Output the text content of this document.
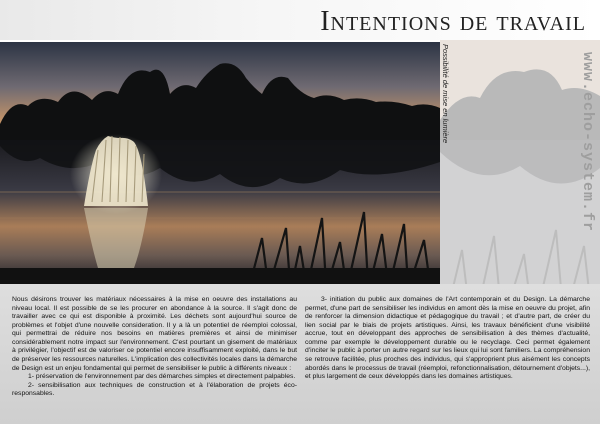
Intentions de travail
Possibilité de mise en lumière	www.echo-system.fr

Nous désirons trouver les matériaux nécessaires à la mise en oeuvre des installations au niveau local. Il est possible de se les procurer en abondance à la source. Il s'agit donc de travailler avec ce qui est disponible à proximité. Les déchets sont aujourd'hui source de problèmes et l'objet d'une nouvelle consideration. Il y a là un potentiel de réemploi colossal, qui permettrai de réduire nos besoins en matières premières et ainsi de minimiser considérablement notre impact sur l'environnement. C'est pourtant un gisement de matériaux à privilégier, l'objectif est de valoriser ce potentiel encore insuffisamment exploité, dans le but de préserver les ressources naturelles. L'implication des collectivités locales dans la démarche de Design est un enjeu fondamental qui permet de sensibiliser le public à différents niveaux :

1- préservation de l'environnement par des démarches simples et directement palpables.

2- sensibilisation aux techniques de construction et à l'élaboration de projets éco-responsables.

3- initiation du public aux domaines de l'Art contemporain et du Design. La démarche permet, d'une part de sensibiliser les individus en amont dès la mise en oeuvre du projet, afin de renforcer la dimension didactique et pédagogique du travail ; et d'autre part, de créer du lien social par le biais de projets artistiques. Ainsi, les travaux bénéficient d'une visibilité accrue, tout en développant des approches de sensibilisation à des thèmes d'actualité, comme par exemple le développement durable ou le recyclage. Ceci permet également d'inciter le public à porter un autre regard sur les lieux qui lui sont familiers. La compréhension se retrouve facilitée, plus proches des individus, qui s'approprient plus aisément les concepts abordés dans le processus de travail (réemploi, refonctionnalisation, détournement d'objets...), et plus largement de ceux développés dans les domaines artistiques.
